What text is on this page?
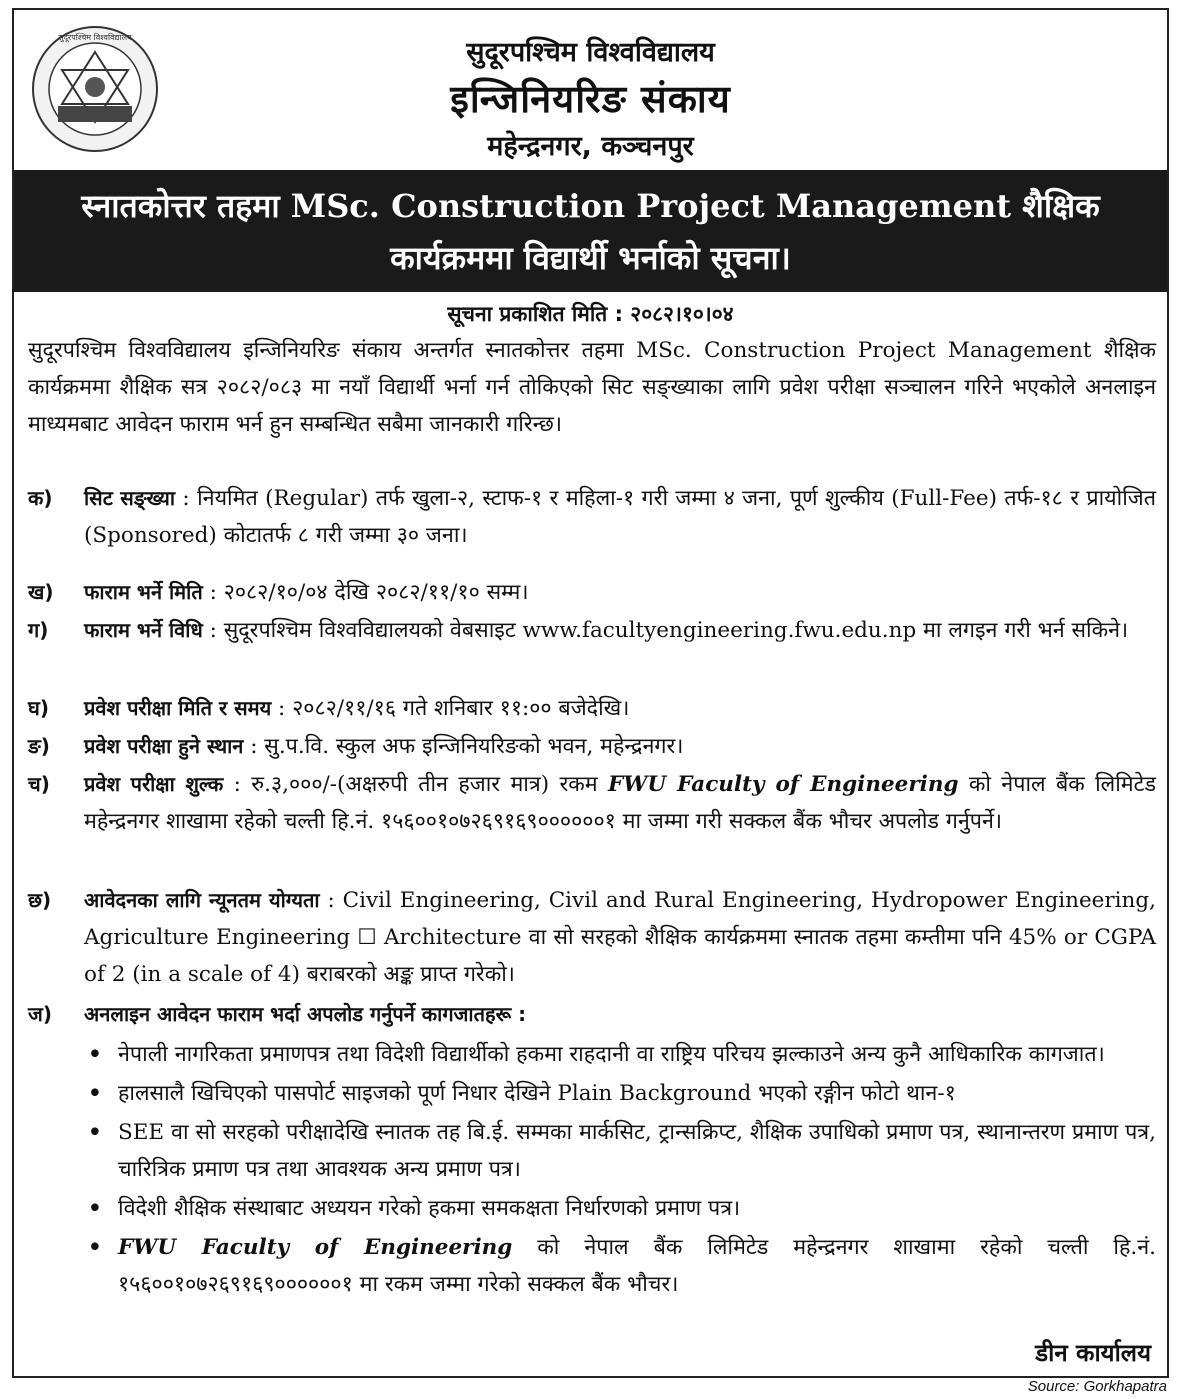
सुदूरपश्चिम विश्वविद्यालय	सुदूरपश्चिम विश्वविद्यालय
इन्जिनियरिङ संकाय
महेन्द्रनगर, कञ्चनपुर
स्नातकोत्तर तहमा MSc. Construction Project Management शैक्षिक
कार्यक्रममा विद्यार्थी भर्नाको सूचना।
सूचना प्रकाशित मिति : २०८२।१०।०४
सुदूरपश्चिम विश्वविद्यालय इन्जिनियरिङ संकाय अन्तर्गत स्नातकोत्तर तहमा MSc. Construction Project Management शैक्षिक कार्यक्रममा शैक्षिक सत्र २०८२/०८३ मा नयाँ विद्यार्थी भर्ना गर्न तोकिएको सिट सङ्ख्याका लागि प्रवेश परीक्षा सञ्चालन गरिने भएकोले अनलाइन माध्यमबाट आवेदन फाराम भर्न हुन सम्बन्धित सबैमा जानकारी गरिन्छ।
क) सिट सङ्ख्या : नियमित (Regular) तर्फ खुला-२, स्टाफ-१ र महिला-१ गरी जम्मा ४ जना, पूर्ण शुल्कीय (Full-Fee) तर्फ-१८ र प्रायोजित (Sponsored) कोटातर्फ ८ गरी जम्मा ३० जना।
ख) फाराम भर्ने मिति : २०८२/१०/०४ देखि २०८२/११/१० सम्म।
ग) फाराम भर्ने विधि : सुदूरपश्चिम विश्वविद्यालयको वेबसाइट www.facultyengineering.fwu.edu.np मा लगइन गरी भर्न सकिने।
घ) प्रवेश परीक्षा मिति र समय : २०८२/११/१६ गते शनिबार ११:०० बजेदेखि।
ङ) प्रवेश परीक्षा हुने स्थान : सु.प.वि. स्कुल अफ इन्जिनियरिङको भवन, महेन्द्रनगर।
च) प्रवेश परीक्षा शुल्क : रु.३,०००/-(अक्षरुपी तीन हजार मात्र) रकम FWU Faculty of Engineering को नेपाल बैंक लिमिटेड महेन्द्रनगर शाखामा रहेको चल्ती हि.नं. १५६००१०७२६९१६९००००००१ मा जम्मा गरी सक्कल बैंक भौचर अपलोड गर्नुपर्ने।
छ) आवेदनका लागि न्यूनतम योग्यता : Civil Engineering, Civil and Rural Engineering, Hydropower Engineering, Agriculture Engineering ☐ Architecture वा सो सरहको शैक्षिक कार्यक्रममा स्नातक तहमा कम्तीमा पनि 45% or CGPA of 2 (in a scale of 4) बराबरको अङ्क प्राप्त गरेको।
ज) अनलाइन आवेदन फाराम भर्दा अपलोड गर्नुपर्ने कागजातहरू :
• नेपाली नागरिकता प्रमाणपत्र तथा विदेशी विद्यार्थीको हकमा राहदानी वा राष्ट्रिय परिचय झल्काउने अन्य कुनै आधिकारिक कागजात।
• हालसालै खिचिएको पासपोर्ट साइजको पूर्ण निधार देखिने Plain Background भएको रङ्गीन फोटो थान-१
• SEE वा सो सरहको परीक्षादेखि स्नातक तह बि.ई. सम्मका मार्कसिट, ट्रान्सक्रिप्ट, शैक्षिक उपाधिको प्रमाण पत्र, स्थानान्तरण प्रमाण पत्र, चारित्रिक प्रमाण पत्र तथा आवश्यक अन्य प्रमाण पत्र।
• विदेशी शैक्षिक संस्थाबाट अध्ययन गरेको हकमा समकक्षता निर्धारणको प्रमाण पत्र।
• FWU Faculty of Engineering को नेपाल बैंक लिमिटेड महेन्द्रनगर शाखामा रहेको चल्ती हि.नं. १५६००१०७२६९१६९००००००१ मा रकम जम्मा गरेको सक्कल बैंक भौचर।
डीन कार्यालय
Source: Gorkhapatra
